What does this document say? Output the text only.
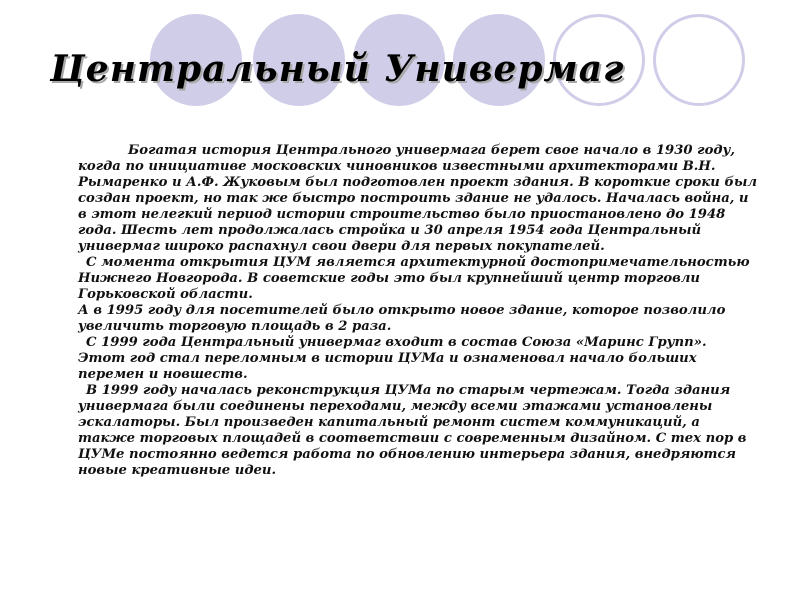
Центральный Универмаг

Богатая история Центрального универмага берет свое начало в 1930 году, когда по инициативе московских чиновников известными архитекторами В.Н. Рымаренко и А.Ф. Жуковым был подготовлен проект здания. В короткие сроки был создан проект, но так же быстро построить здание не удалось. Началась война, и в этот нелегкий период истории строительство было приостановлено до 1948 года. Шесть лет продолжалась стройка и 30 апреля 1954 года Центральный универмаг широко распахнул свои двери для первых покупателей.

С момента открытия ЦУМ является архитектурной достопримечательностью Нижнего Новгорода. В советские годы это был крупнейший центр торговли Горьковской области.

А в 1995 году для посетителей было открыто новое здание, которое позволило увеличить торговую площадь в 2 раза.

С 1999 года Центральный универмаг входит в состав Союза «Маринс Групп». Этот год стал переломным в истории ЦУМа и ознаменовал начало больших перемен и новшеств.

В 1999 году началась реконструкция ЦУМа по старым чертежам. Тогда здания универмага были соединены переходами, между всеми этажами установлены эскалаторы. Был произведен капитальный ремонт систем коммуникаций, а также торговых площадей в соответствии с современным дизайном. С тех пор в ЦУМе постоянно ведется работа по обновлению интерьера здания, внедряются новые креативные идеи.
